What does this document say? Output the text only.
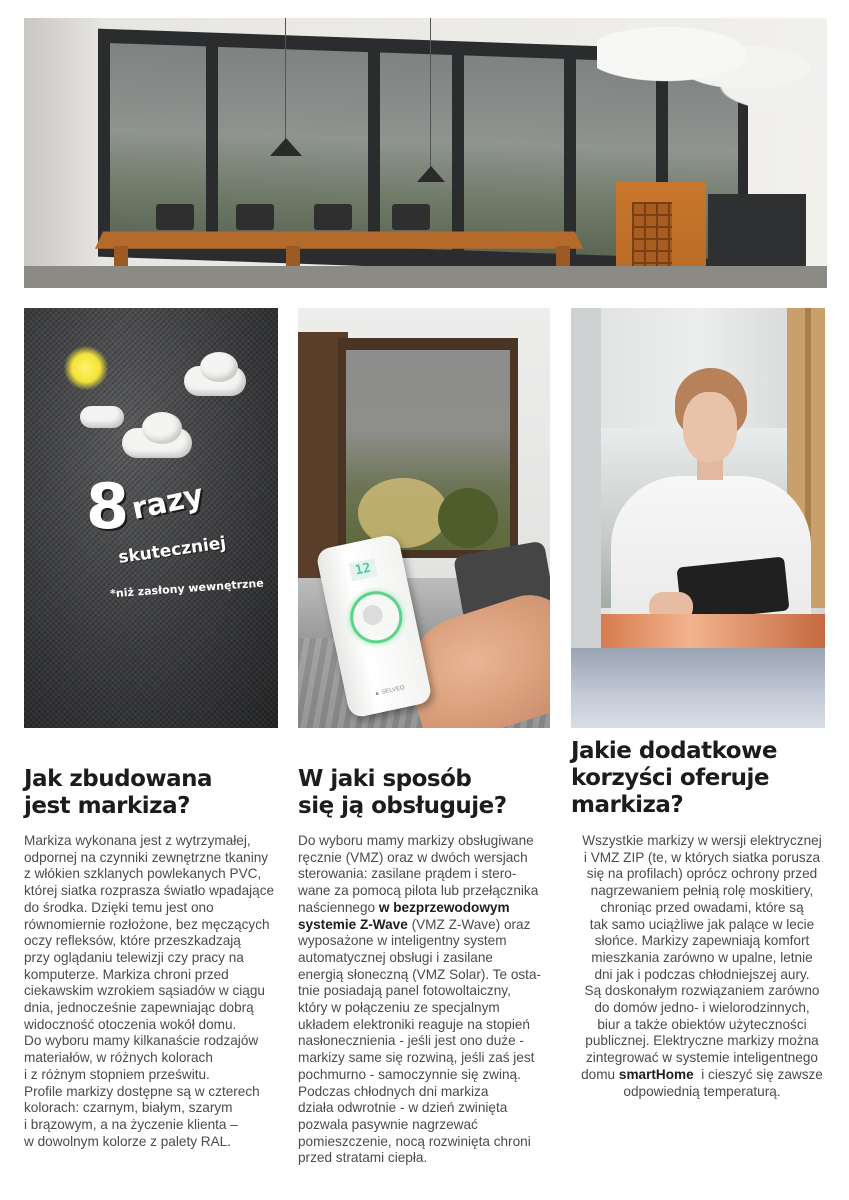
8 razy
skuteczniej
*niż zasłony wewnętrzne
12
▲ SELVEO
Jak zbudowana
jest markiza?
W jaki sposób
się ją obsługuje?
Jakie dodatkowe
korzyści oferuje
markiza?
Markiza wykonana jest z wytrzymałej,
odpornej na czynniki zewnętrzne tkaniny
z włókien szklanych powlekanych PVC,
której siatka rozprasza światło wpadające
do środka. Dzięki temu jest ono
równomiernie rozłożone, bez męczących
oczy refleksów, które przeszkadzają
przy oglądaniu telewizji czy pracy na
komputerze. Markiza chroni przed
ciekawskim wzrokiem sąsiadów w ciągu
dnia, jednocześnie zapewniając dobrą
widoczność otoczenia wokół domu.
Do wyboru mamy kilkanaście rodzajów
materiałów, w różnych kolorach
i z różnym stopniem prześwitu.
Profile markizy dostępne są w czterech
kolorach: czarnym, białym, szarym
i brązowym, a na życzenie klienta –
w dowolnym kolorze z palety RAL.
Do wyboru mamy markizy obsługiwane
ręcznie (VMZ) oraz w dwóch wersjach
sterowania: zasilane prądem i stero-
wane za pomocą pilota lub przełącznika
naściennego w bezprzewodowym
systemie Z-Wave (VMZ Z-Wave) oraz
wyposażone w inteligentny system
automatycznej obsługi i zasilane
energią słoneczną (VMZ Solar). Te osta-
tnie posiadają panel fotowoltaiczny,
który w połączeniu ze specjalnym
układem elektroniki reaguje na stopień
nasłonecznienia - jeśli jest ono duże -
markizy same się rozwiną, jeśli zaś jest
pochmurno - samoczynnie się zwiną.
Podczas chłodnych dni markiza
działa odwrotnie - w dzień zwinięta
pozwala pasywnie nagrzewać
pomieszczenie, nocą rozwinięta chroni
przed stratami ciepła.
Wszystkie markizy w wersji elektrycznej
i VMZ ZIP (te, w których siatka porusza
się na profilach) oprócz ochrony przed
nagrzewaniem pełnią rolę moskitiery,
chroniąc przed owadami, które są
tak samo uciążliwe jak palące w lecie
słońce. Markizy zapewniają komfort
mieszkania zarówno w upalne, letnie
dni jak i podczas chłodniejszej aury.
Są doskonałym rozwiązaniem zarówno
do domów jedno- i wielorodzinnych,
biur a także obiektów użyteczności
publicznej. Elektryczne markizy można
zintegrować w systemie inteligentnego
domu smartHome  i cieszyć się zawsze
odpowiednią temperaturą.
